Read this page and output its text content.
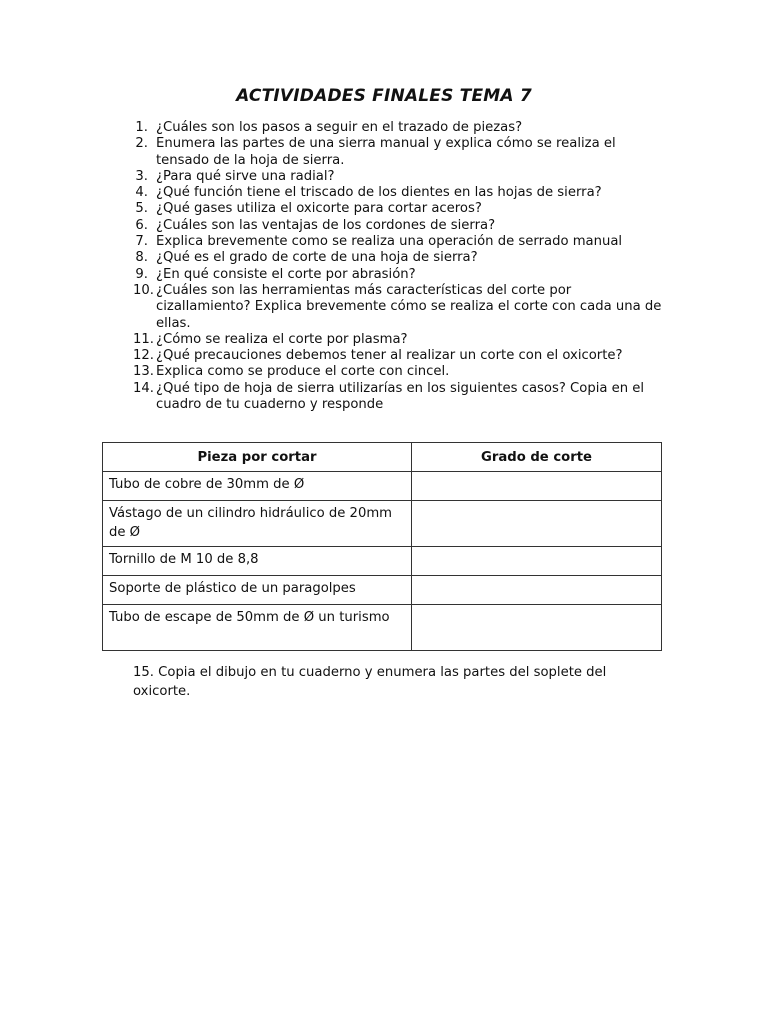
ACTIVIDADES FINALES TEMA 7
1. ¿Cuáles son los pasos a seguir en el trazado de piezas?
2. Enumera las partes de una sierra manual y explica cómo se realiza el tensado de la hoja de sierra.
3. ¿Para qué sirve una radial?
4. ¿Qué función tiene el triscado de los dientes en las hojas de sierra?
5. ¿Qué gases utiliza el oxicorte para cortar aceros?
6. ¿Cuáles son las ventajas de los cordones de sierra?
7. Explica brevemente como se realiza una operación de serrado manual
8. ¿Qué es el grado de corte de una hoja de sierra?
9. ¿En qué consiste el corte por abrasión?
10. ¿Cuáles son las herramientas más características del corte por cizallamiento? Explica brevemente cómo se realiza el corte con cada una de ellas.
11. ¿Cómo se realiza el corte por plasma?
12. ¿Qué precauciones debemos tener al realizar un corte con el oxicorte?
13. Explica como se produce el corte con cincel.
14. ¿Qué tipo de hoja de sierra utilizarías en los siguientes casos? Copia en el cuadro de tu cuaderno y responde
Pieza por cortar	Grado de corte
Tubo de cobre de 30mm de Ø	
Vástago de un cilindro hidráulico de 20mm de Ø	
Tornillo de M 10 de 8,8	
Soporte de plástico de un paragolpes	
Tubo de escape de 50mm de Ø un turismo	
15. Copia el dibujo en tu cuaderno y enumera las partes del soplete del oxicorte.
